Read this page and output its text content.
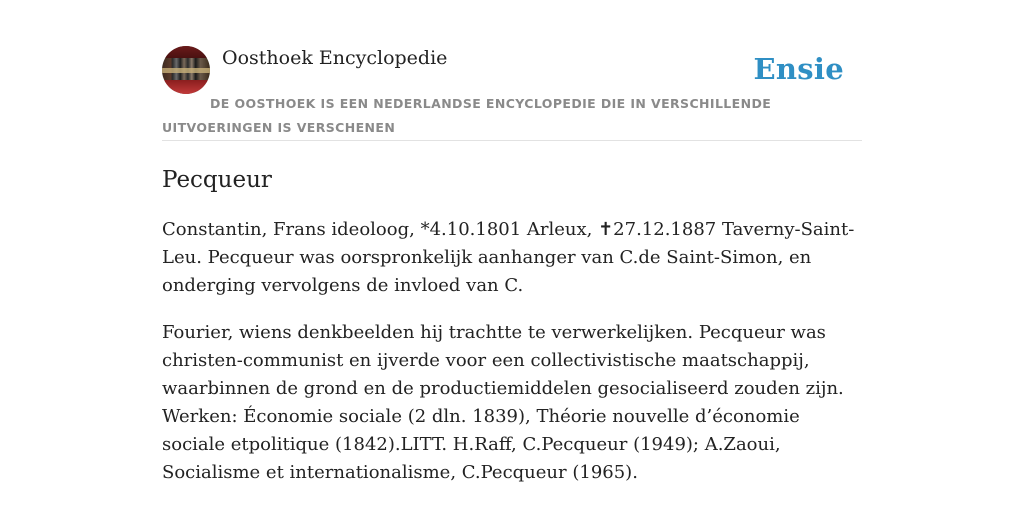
Oosthoek Encyclopedie	Ensie
DE OOSTHOEK IS EEN NEDERLANDSE ENCYCLOPEDIE DIE IN VERSCHILLENDE UITVOERINGEN IS VERSCHENEN
Pecqueur

Constantin, Frans ideoloog, *4.10.1801 Arleux, ✝27.12.1887 Taverny-Saint-Leu. Pecqueur was oorspronkelijk aanhanger van C.de Saint-Simon, en onderging vervolgens de invloed van C.

Fourier, wiens denkbeelden hij trachtte te verwerkelijken. Pecqueur was christen-communist en ijverde voor een collectivistische maatschappij, waarbinnen de grond en de productiemiddelen gesocialiseerd zouden zijn. Werken: Économie sociale (2 dln. 1839), Théorie nouvelle d’économie sociale etpolitique (1842).LITT. H.Raff, C.Pecqueur (1949); A.Zaoui, Socialisme et internationalisme, C.Pecqueur (1965).
